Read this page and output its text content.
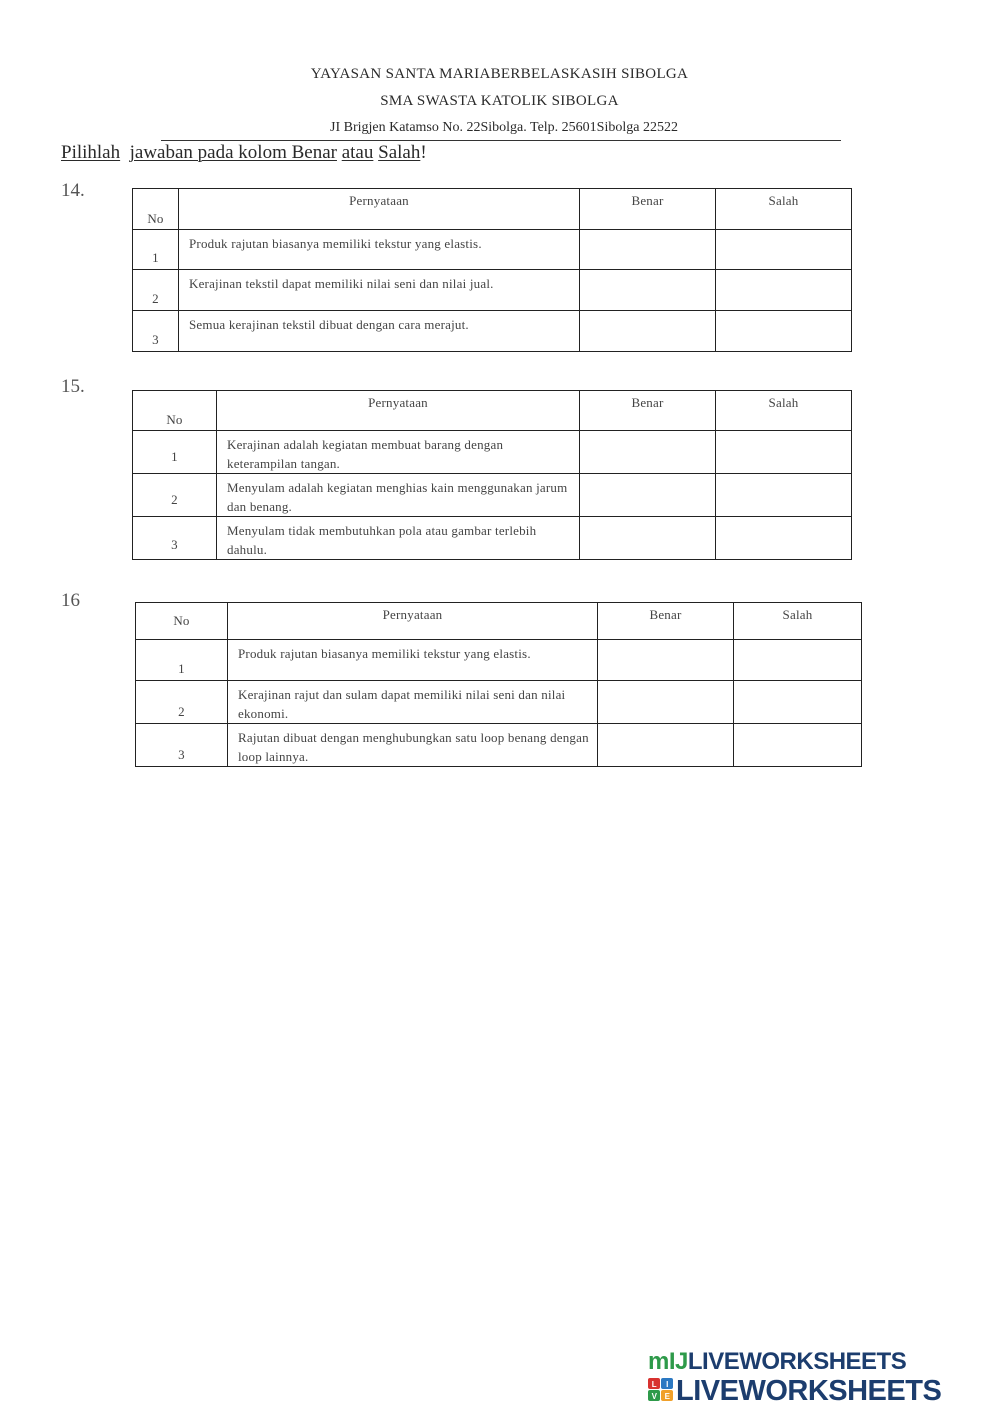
YAYASAN SANTA MARIABERBELASKASIH SIBOLGA
SMA SWASTA KATOLIK SIBOLGA
JI Brigjen Katamso No. 22Sibolga. Telp. 25601Sibolga 22522
Pilihlah jawaban pada kolom Benar atau Salah!
14.
No	Pernyataan	Benar	Salah
1	Produk rajutan biasanya memiliki tekstur yang elastis.		
2	Kerajinan tekstil dapat memiliki nilai seni dan nilai jual.		
3	Semua kerajinan tekstil dibuat dengan cara merajut.		
15.
No	Pernyataan	Benar	Salah
1	Kerajinan adalah kegiatan membuat barang dengan keterampilan tangan.		
2	Menyulam adalah kegiatan menghias kain menggunakan jarum dan benang.		
3	Menyulam tidak membutuhkan pola atau gambar terlebih dahulu.		
16
No	Pernyataan	Benar	Salah
1	Produk rajutan biasanya memiliki tekstur yang elastis.		
2	Kerajinan rajut dan sulam dapat memiliki nilai seni dan nilai ekonomi.		
3	Rajutan dibuat dengan menghubungkan satu loop benang dengan loop lainnya.		
mIJLIVEWORKSHEETS
L I
V E LIVEWORKSHEETS
